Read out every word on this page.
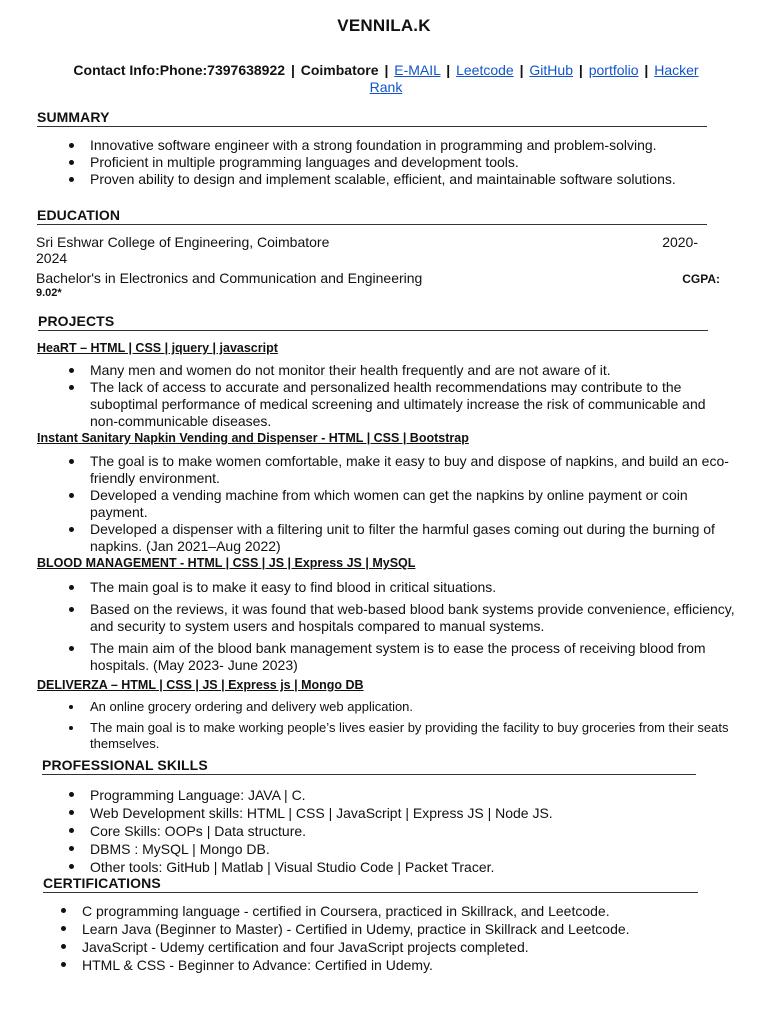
VENNILA.K
Contact Info:Phone:7397638922 | Coimbatore | E-MAIL | Leetcode | GitHub | portfolio | Hacker
Rank
SUMMARY
Innovative software engineer with a strong foundation in programming and problem-solving.
Proficient in multiple programming languages and development tools.
Proven ability to design and implement scalable, efficient, and maintainable software solutions.
EDUCATION
Sri Eshwar College of Engineering, Coimbatore	2020-
2024
Bachelor's in Electronics and Communication and Engineering	CGPA:
9.02*
PROJECTS
HeaRT – HTML | CSS | jquery | javascript
Many men and women do not monitor their health frequently and are not aware of it.
The lack of access to accurate and personalized health recommendations may contribute to the suboptimal performance of medical screening and ultimately increase the risk of communicable and non-communicable diseases.
Instant Sanitary Napkin Vending and Dispenser - HTML | CSS | Bootstrap
The goal is to make women comfortable, make it easy to buy and dispose of napkins, and build an eco-friendly environment.
Developed a vending machine from which women can get the napkins by online payment or coin payment.
Developed a dispenser with a filtering unit to filter the harmful gases coming out during the burning of napkins. (Jan 2021–Aug 2022)
BLOOD MANAGEMENT - HTML | CSS | JS | Express JS | MySQL
The main goal is to make it easy to find blood in critical situations.
Based on the reviews, it was found that web-based blood bank systems provide convenience, efficiency, and security to system users and hospitals compared to manual systems.
The main aim of the blood bank management system is to ease the process of receiving blood from hospitals. (May 2023- June 2023)
DELIVERZA – HTML | CSS | JS | Express js | Mongo DB
An online grocery ordering and delivery web application.
The main goal is to make working people’s lives easier by providing the facility to buy groceries from their seats themselves.
PROFESSIONAL SKILLS
Programming Language: JAVA | C.
Web Development skills: HTML | CSS | JavaScript | Express JS | Node JS.
Core Skills: OOPs | Data structure.
DBMS : MySQL | Mongo DB.
Other tools: GitHub | Matlab | Visual Studio Code | Packet Tracer.
CERTIFICATIONS
C programming language - certified in Coursera, practiced in Skillrack, and Leetcode.
Learn Java (Beginner to Master) - Certified in Udemy, practice in Skillrack and Leetcode.
JavaScript - Udemy certification and four JavaScript projects completed.
HTML & CSS - Beginner to Advance: Certified in Udemy.
